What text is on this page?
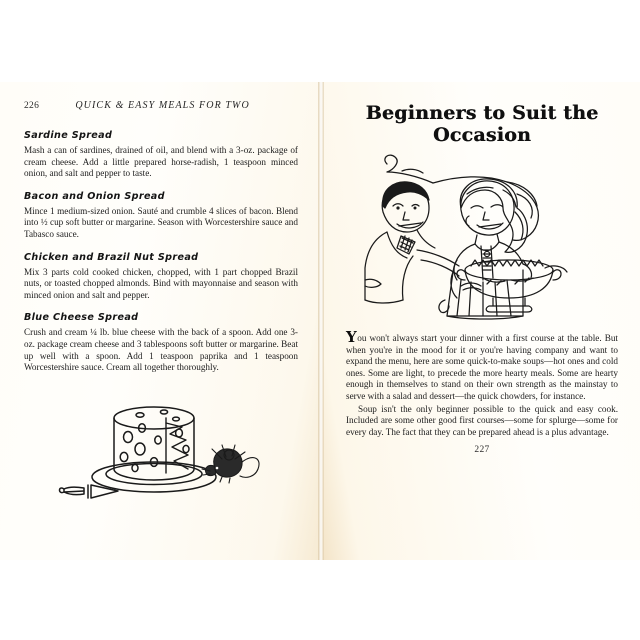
226	QUICK & EASY MEALS FOR TWO
Sardine Spread
Mash a can of sardines, drained of oil, and blend with a 3-oz. package of cream cheese. Add a little prepared horse-radish, 1 teaspoon minced onion, and salt and pepper to taste.
Bacon and Onion Spread
Mince 1 medium-sized onion. Sauté and crumble 4 slices of bacon. Blend into ½ cup soft butter or margarine. Season with Worcestershire sauce and Tabasco sauce.
Chicken and Brazil Nut Spread
Mix 3 parts cold cooked chicken, chopped, with 1 part chopped Brazil nuts, or toasted chopped almonds. Bind with mayonnaise and season with minced onion and salt and pepper.
Blue Cheese Spread
Crush and cream ¼ lb. blue cheese with the back of a spoon. Add one 3-oz. package cream cheese and 3 tablespoons soft butter or margarine. Beat up well with a spoon. Add 1 teaspoon paprika and 1 teaspoon Worcestershire sauce. Cream all together thoroughly.
Beginners to Suit the Occasion

You won't always start your dinner with a first course at the table. But when you're in the mood for it or you're having company and want to expand the menu, here are some quick-to-make soups—hot ones and cold ones. Some are light, to precede the more hearty meals. Some are hearty enough in themselves to stand on their own strength as the mainstay to serve with a salad and dessert—the quick chowders, for instance.

Soup isn't the only beginner possible to the quick and easy cook. Included are some other good first courses—some for splurge—some for every day. The fact that they can be prepared ahead is a plus advantage.

227
